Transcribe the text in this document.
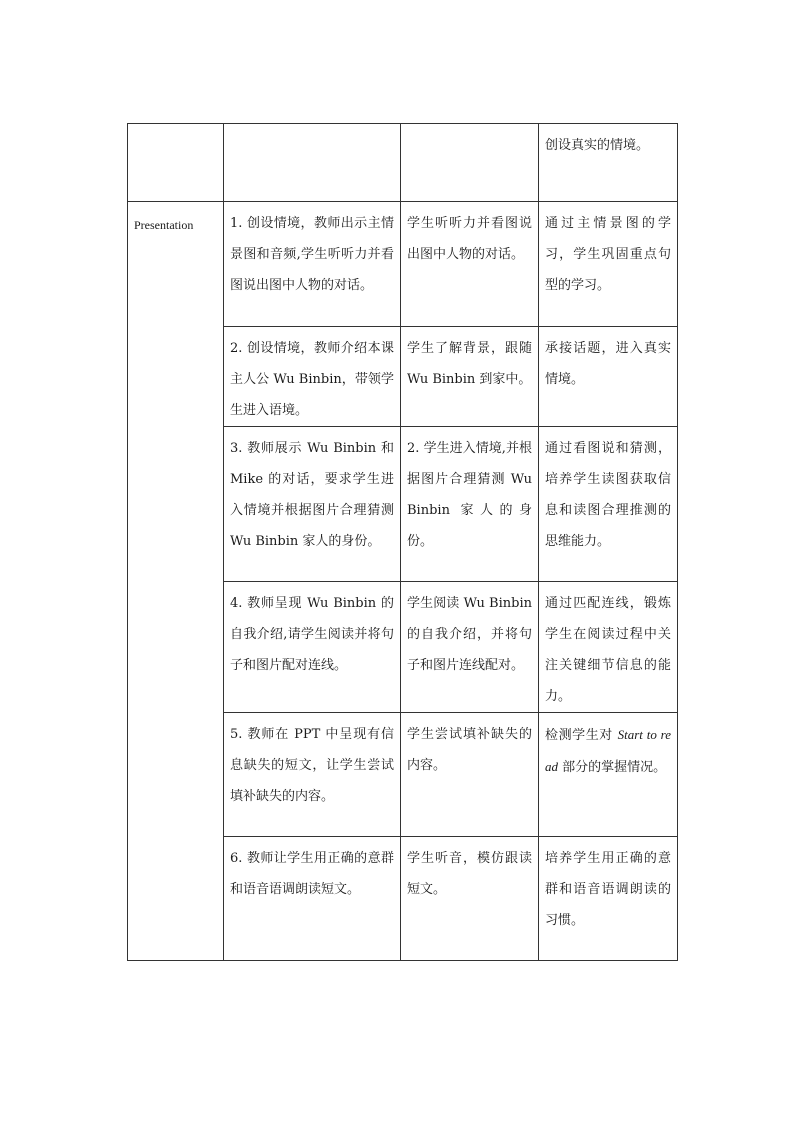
			创设真实的情境。
Presentation	1. 创设情境，教师出示主情景图和音频,学生听听力并看图说出图中人物的对话。	学生听听力并看图说出图中人物的对话。	通过主情景图的学习，学生巩固重点句型的学习。
	2. 创设情境，教师介绍本课主人公 Wu Binbin，带领学生进入语境。	学生了解背景，跟随 Wu Binbin 到家中。	承接话题，进入真实情境。
	3. 教师展示 Wu Binbin 和 Mike 的对话，要求学生进入情境并根据图片合理猜测 Wu Binbin 家人的身份。	2. 学生进入情境,并根据图片合理猜测 Wu Binbin 家人的身份。	通过看图说和猜测，培养学生读图获取信息和读图合理推测的思维能力。
	4. 教师呈现 Wu Binbin 的自我介绍,请学生阅读并将句子和图片配对连线。	学生阅读 Wu Binbin 的自我介绍，并将句子和图片连线配对。	通过匹配连线，锻炼学生在阅读过程中关注关键细节信息的能力。
	5. 教师在 PPT 中呈现有信息缺失的短文，让学生尝试填补缺失的内容。	学生尝试填补缺失的内容。	检测学生对 Start to read 部分的掌握情况。
	6. 教师让学生用正确的意群和语音语调朗读短文。	学生听音，模仿跟读短文。	培养学生用正确的意群和语音语调朗读的习惯。
